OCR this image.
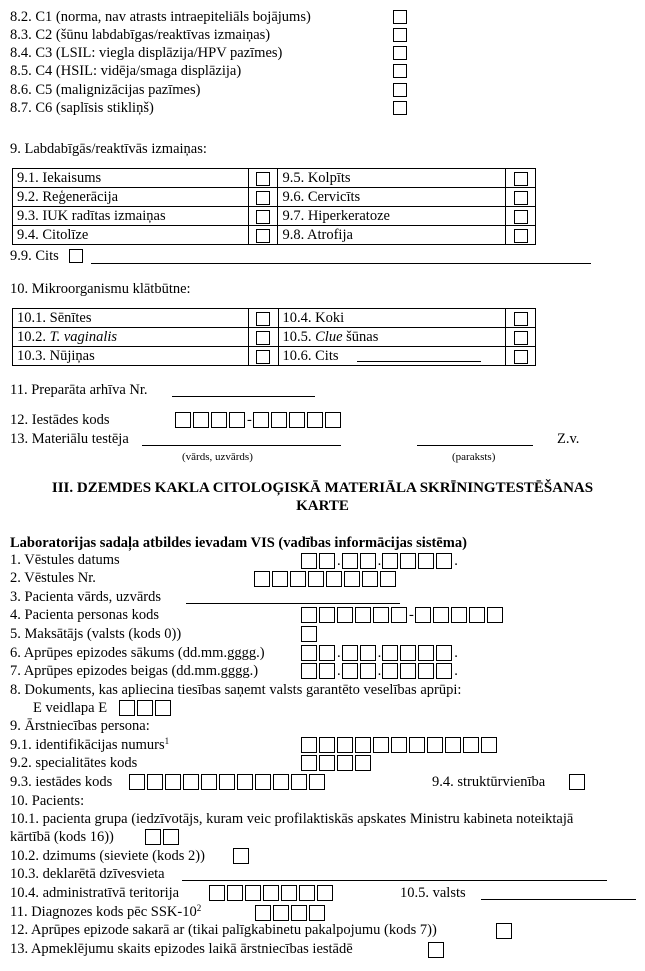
8.2. C1 (norma, nav atrasts intraepiteliāls bojājums)
8.3. C2 (šūnu labdabīgas/reaktīvas izmaiņas)
8.4. C3 (LSIL: viegla displāzija/HPV pazīmes)
8.5. C4 (HSIL: vidēja/smaga displāzija)
8.6. C5 (malignizācijas pazīmes)
8.7. C6 (saplīsis stikliņš)
9. Labdabīgās/reaktīvās izmaiņas:
9.1. Iekaisums		9.5. Kolpīts	
9.2. Reģenerācija		9.6. Cervicīts	
9.3. IUK radītas izmaiņas		9.7. Hiperkeratoze	
9.4. Citolīze		9.8. Atrofija	
9.9. Cits
10. Mikroorganismu klātbūtne:
10.1. Sēnītes		10.4. Koki	
10.2. T. vaginalis		10.5. Clue šūnas	
10.3. Nūjiņas		10.6. Cits

11. Preparāta arhīva Nr.
12. Iestādes kods	-
13. Materiālu testēja	Z.v.
(vārds, uzvārds)	(paraksts)
III. DZEMDES KAKLA CITOLOĢISKĀ MATERIĀLA SKRĪNINGTESTĒŠANAS
KARTE
Laboratorijas sadaļa atbildes ievadam VIS (vadības informācijas sistēma)
1. Vēstules datums	.	.	.
2. Vēstules Nr.
3. Pacienta vārds, uzvārds
4. Pacienta personas kods	-
5. Maksātājs (valsts (kods 0))
6. Aprūpes epizodes sākums (dd.mm.gggg.)	.	.	.
7. Aprūpes epizodes beigas (dd.mm.gggg.)	.	.	.
8. Dokuments, kas apliecina tiesības saņemt valsts garantēto veselības aprūpi:
E veidlapa E
9. Ārstniecības persona:
9.1. identifikācijas numurs$^1$
9.2. specialitātes kods
9.3. iestādes kods	9.4. struktūrvienība
10. Pacients:
10.1. pacienta grupa (iedzīvotājs, kuram veic profilaktiskās apskates Ministru kabineta noteiktajā
kārtībā (kods 16))
10.2. dzimums (sieviete (kods 2))
10.3. deklarētā dzīvesvieta
10.4. administratīvā teritorija	10.5. valsts
11. Diagnozes kods pēc SSK-$10^2$
12. Aprūpes epizode sakarā ar (tikai palīgkabinetu pakalpojumu (kods 7))
13. Apmeklējumu skaits epizodes laikā ārstniecības iestādē
